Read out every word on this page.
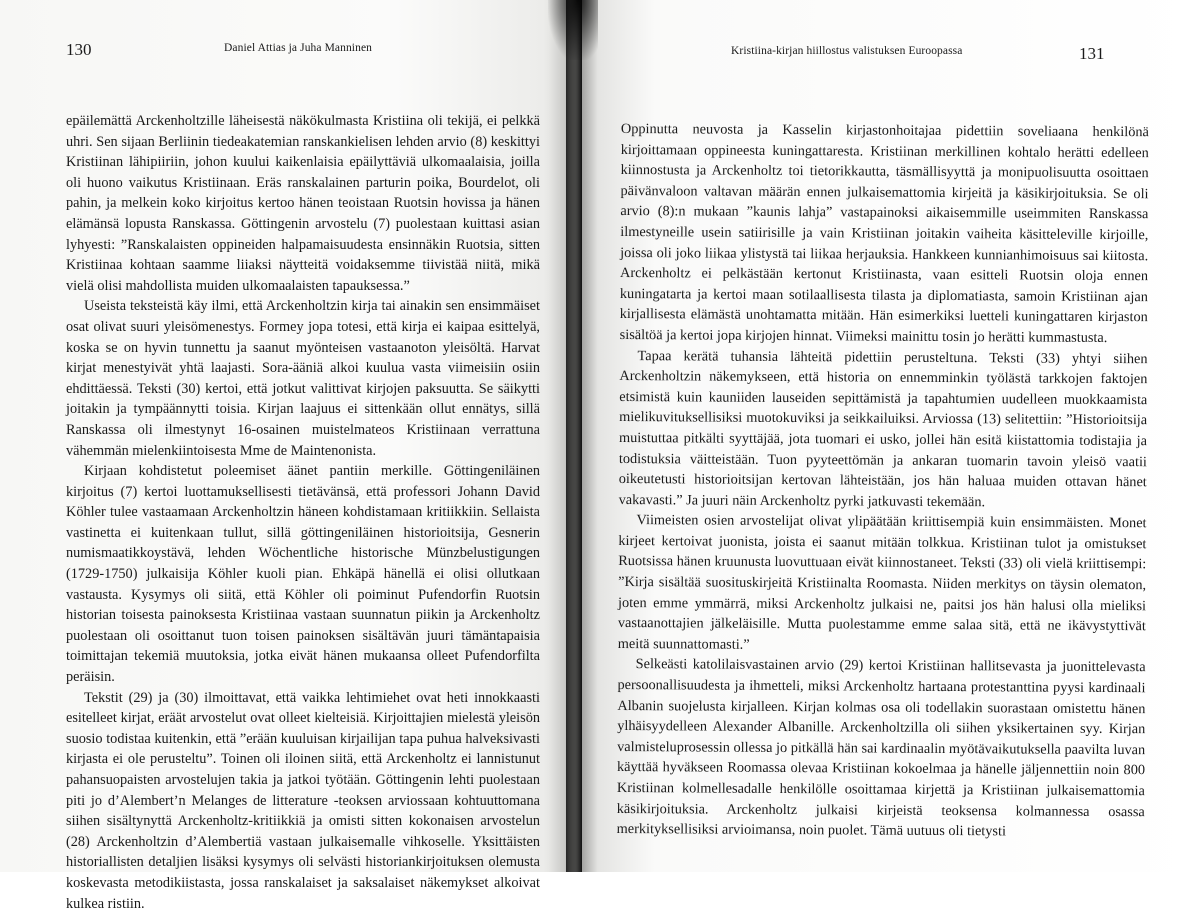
130	Daniel Attias ja Juha Manninen

epäilemättä Arckenholtzille läheisestä näkökulmasta Kristiina oli tekijä, ei pelkkä uhri. Sen sijaan Berliinin tiedeakatemian ranskankielisen lehden arvio (8) keskittyi Kristiinan lähipiiriin, johon kuului kaikenlaisia epäilyttäviä ulkomaalaisia, joilla oli huono vaikutus Kristiinaan. Eräs ranskalainen parturin poika, Bourdelot, oli pahin, ja melkein koko kirjoitus kertoo hänen teoistaan Ruotsin hovissa ja hänen elämänsä lopusta Ranskassa. Göttingenin arvostelu (7) puolestaan kuittasi asian lyhyesti: ”Ranskalaisten oppineiden halpamaisuudesta ensinnäkin Ruotsia, sitten Kristiinaa kohtaan saamme liiaksi näytteitä voidaksemme tiivistää niitä, mikä vielä olisi mahdollista muiden ulkomaalaisten tapauksessa.”

Useista teksteistä käy ilmi, että Arckenholtzin kirja tai ainakin sen ensimmäiset osat olivat suuri yleisömenestys. Formey jopa totesi, että kirja ei kaipaa esittelyä, koska se on hyvin tunnettu ja saanut myönteisen vastaanoton yleisöltä. Harvat kirjat menestyivät yhtä laajasti. Sora-ääniä alkoi kuulua vasta viimeisiin osiin ehdittäessä. Teksti (30) kertoi, että jotkut valittivat kirjojen paksuutta. Se säikytti joitakin ja tympäännytti toisia. Kirjan laajuus ei sittenkään ollut ennätys, sillä Ranskassa oli ilmestynyt 16-osainen muistelmateos Kristiinaan verrattuna vähemmän mielenkiintoisesta Mme de Maintenonista.

Kirjaan kohdistetut poleemiset äänet pantiin merkille. Göttingeniläinen kirjoitus (7) kertoi luottamuksellisesti tietävänsä, että professori Johann David Köhler tulee vastaamaan Arckenholtzin häneen kohdistamaan kritiikkiin. Sellaista vastinetta ei kuitenkaan tullut, sillä göttingeniläinen historioitsija, Gesnerin numismaatikkoystävä, lehden Wöchentliche historische Münzbelustigungen (1729-1750) julkaisija Köhler kuoli pian. Ehkäpä hänellä ei olisi ollutkaan vastausta. Kysymys oli siitä, että Köhler oli poiminut Pufendorfin Ruotsin historian toisesta painoksesta Kristiinaa vastaan suunnatun piikin ja Arckenholtz puolestaan oli osoittanut tuon toisen painoksen sisältävän juuri tämäntapaisia toimittajan tekemiä muutoksia, jotka eivät hänen mukaansa olleet Pufendorfilta peräisin.

Tekstit (29) ja (30) ilmoittavat, että vaikka lehtimiehet ovat heti innokkaasti esitelleet kirjat, eräät arvostelut ovat olleet kielteisiä. Kirjoittajien mielestä yleisön suosio todistaa kuitenkin, että ”erään kuuluisan kirjailijan tapa puhua halveksivasti kirjasta ei ole perusteltu”. Toinen oli iloinen siitä, että Arckenholtz ei lannistunut pahansuopaisten arvostelujen takia ja jatkoi työtään. Göttingenin lehti puolestaan piti jo d’Alembert’n Melanges de litterature -teoksen arviossaan kohtuuttomana siihen sisältynyttä Arckenholtz-kritiikkiä ja omisti sitten kokonaisen arvostelun (28) Arckenholtzin d’Alembertiä vastaan julkaisemalle vihkoselle. Yksittäisten historiallisten detaljien lisäksi kysymys oli selvästi historiankirjoituksen olemusta koskevasta metodikiistasta, jossa ranskalaiset ja saksalaiset näkemykset alkoivat kulkea ristiin.

Kristiina-kirjan hiillostus valistuksen Euroopassa	131

Oppinutta neuvosta ja Kasselin kirjastonhoitajaa pidettiin soveliaana henkilönä kirjoittamaan oppineesta kuningattaresta. Kristiinan merkillinen kohtalo herätti edelleen kiinnostusta ja Arckenholtz toi tietorikkautta, täsmällisyyttä ja monipuolisuutta osoittaen päivänvaloon valtavan määrän ennen julkaisemattomia kirjeitä ja käsikirjoituksia. Se oli arvio (8):n mukaan ”kaunis lahja” vastapainoksi aikaisemmille useimmiten Ranskassa ilmestyneille usein satiirisille ja vain Kristiinan joitakin vaiheita käsitteleville kirjoille, joissa oli joko liikaa ylistystä tai liikaa herjauksia. Hankkeen kunnianhimoisuus sai kiitosta. Arckenholtz ei pelkästään kertonut Kristiinasta, vaan esitteli Ruotsin oloja ennen kuningatarta ja kertoi maan sotilaallisesta tilasta ja diplomatiasta, samoin Kristiinan ajan kirjallisesta elämästä unohtamatta mitään. Hän esimerkiksi luetteli kuningattaren kirjaston sisältöä ja kertoi jopa kirjojen hinnat. Viimeksi mainittu tosin jo herätti kummastusta.

Tapaa kerätä tuhansia lähteitä pidettiin perusteltuna. Teksti (33) yhtyi siihen Arckenholtzin näkemykseen, että historia on ennemminkin työlästä tarkkojen faktojen etsimistä kuin kauniiden lauseiden sepittämistä ja tapahtumien uudelleen muokkaamista mielikuvituksellisiksi muotokuviksi ja seikkailuiksi. Arviossa (13) selitettiin: ”Historioitsija muistuttaa pitkälti syyttäjää, jota tuomari ei usko, jollei hän esitä kiistattomia todistajia ja todistuksia väitteistään. Tuon pyyteettömän ja ankaran tuomarin tavoin yleisö vaatii oikeutetusti historioitsijan kertovan lähteistään, jos hän haluaa muiden ottavan hänet vakavasti.” Ja juuri näin Arckenholtz pyrki jatkuvasti tekemään.

Viimeisten osien arvostelijat olivat ylipäätään kriittisempiä kuin ensimmäisten. Monet kirjeet kertoivat juonista, joista ei saanut mitään tolkkua. Kristiinan tulot ja omistukset Ruotsissa hänen kruunusta luovuttuaan eivät kiinnostaneet. Teksti (33) oli vielä kriittisempi: ”Kirja sisältää suosituskirjeitä Kristiinalta Roomasta. Niiden merkitys on täysin olematon, joten emme ymmärrä, miksi Arckenholtz julkaisi ne, paitsi jos hän halusi olla mieliksi vastaanottajien jälkeläisille. Mutta puolestamme emme salaa sitä, että ne ikävystyttivät meitä suunnattomasti.”

Selkeästi katolilaisvastainen arvio (29) kertoi Kristiinan hallitsevasta ja juonittelevasta persoonallisuudesta ja ihmetteli, miksi Arckenholtz hartaana protestanttina pyysi kardinaali Albanin suojelusta kirjalleen. Kirjan kolmas osa oli todellakin suorastaan omistettu hänen ylhäisyydelleen Alexander Albanille. Arckenholtzilla oli siihen yksikertainen syy. Kirjan valmisteluprosessin ollessa jo pitkällä hän sai kardinaalin myötävaikutuksella paavilta luvan käyttää hyväkseen Roomassa olevaa Kristiinan kokoelmaa ja hänelle jäljennettiin noin 800 Kristiinan kolmellesadalle henkilölle osoittamaa kirjettä ja Kristiinan julkaisemattomia käsikirjoituksia. Arckenholtz julkaisi kirjeistä teoksensa kolmannessa osassa merkityksellisiksi arvioimansa, noin puolet. Tämä uutuus oli tietysti
